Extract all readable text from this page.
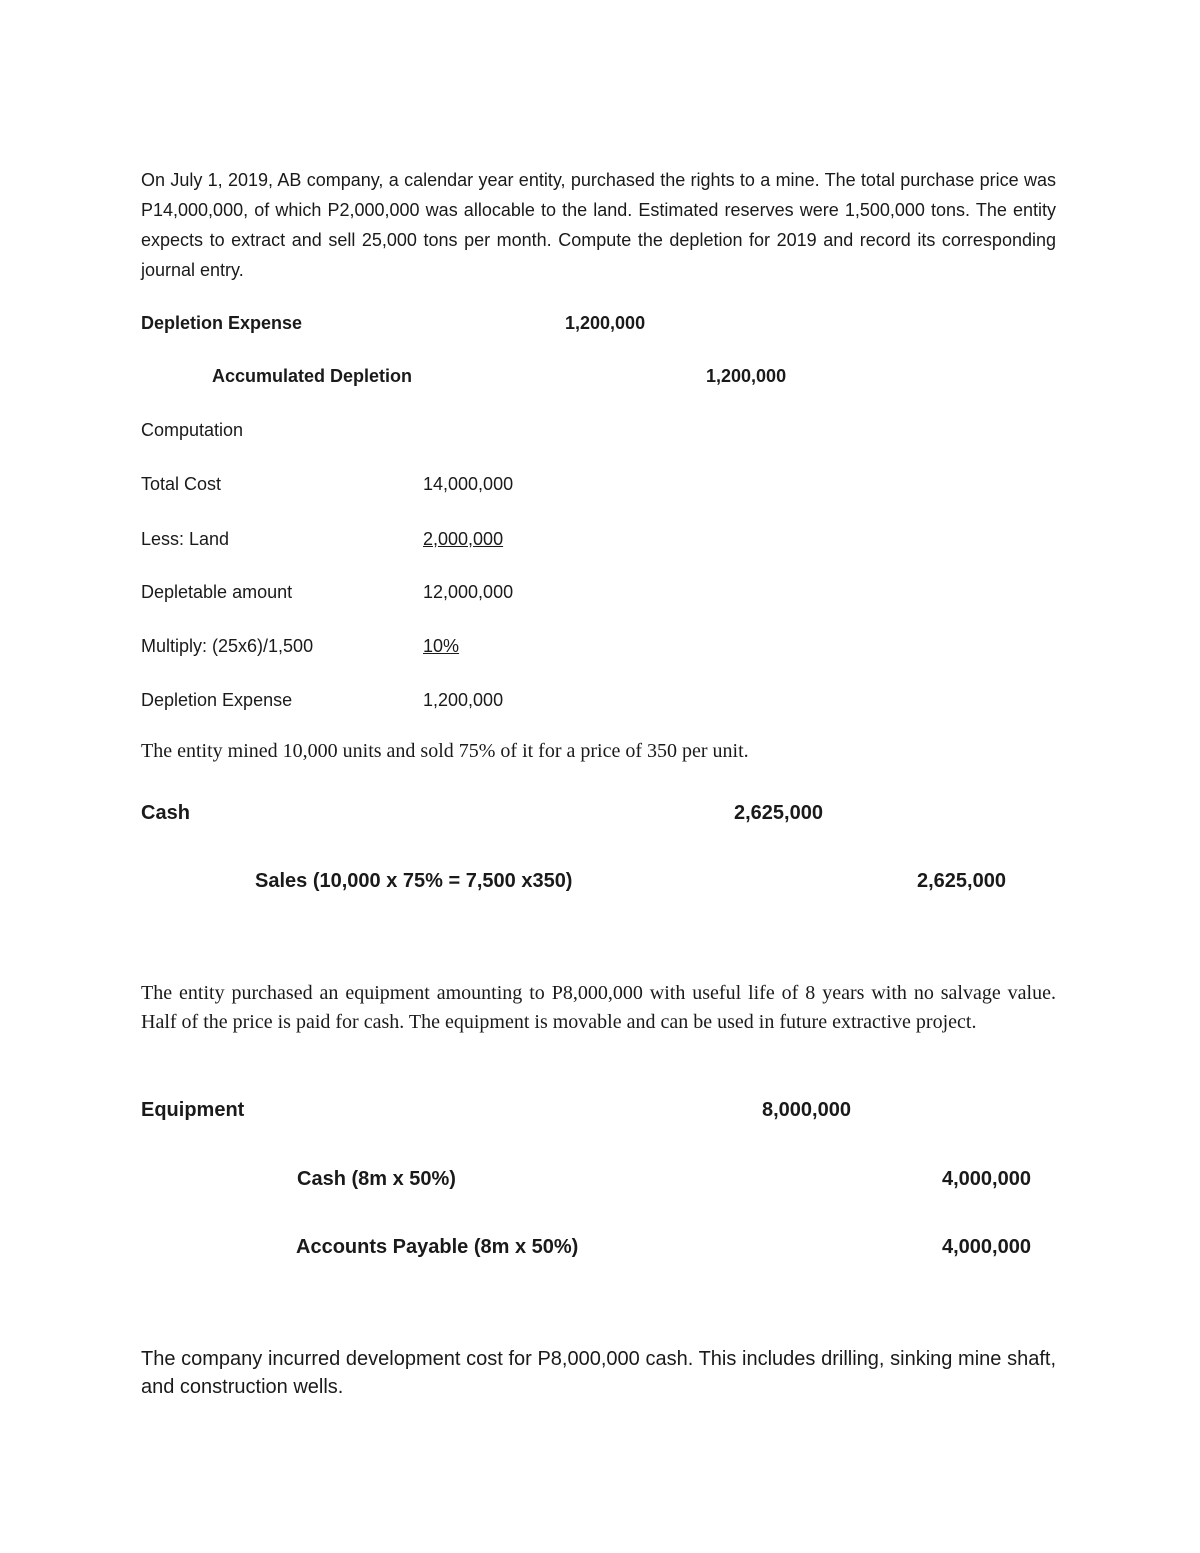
On July 1, 2019, AB company, a calendar year entity, purchased the rights to a mine. The total purchase price was P14,000,000, of which P2,000,000 was allocable to the land. Estimated reserves were 1,500,000 tons. The entity expects to extract and sell 25,000 tons per month. Compute the depletion for 2019 and record its corresponding journal entry.

Depletion Expense	1,200,000
Accumulated Depletion	1,200,000
Computation
Total Cost	14,000,000
Less: Land	2,000,000
Depletable amount	12,000,000
Multiply: (25x6)/1,500	10%
Depletion Expense	1,200,000
The entity mined 10,000 units and sold 75% of it for a price of 350 per unit.
Cash	2,625,000
Sales (10,000 x 75% = 7,500 x350)	2,625,000

The entity purchased an equipment amounting to P8,000,000 with useful life of 8 years with no salvage value. Half of the price is paid for cash. The equipment is movable and can be used in future extractive project.

Equipment	8,000,000
Cash (8m x 50%)	4,000,000
Accounts Payable (8m x 50%)	4,000,000

The company incurred development cost for P8,000,000 cash. This includes drilling, sinking mine shaft, and construction wells.
